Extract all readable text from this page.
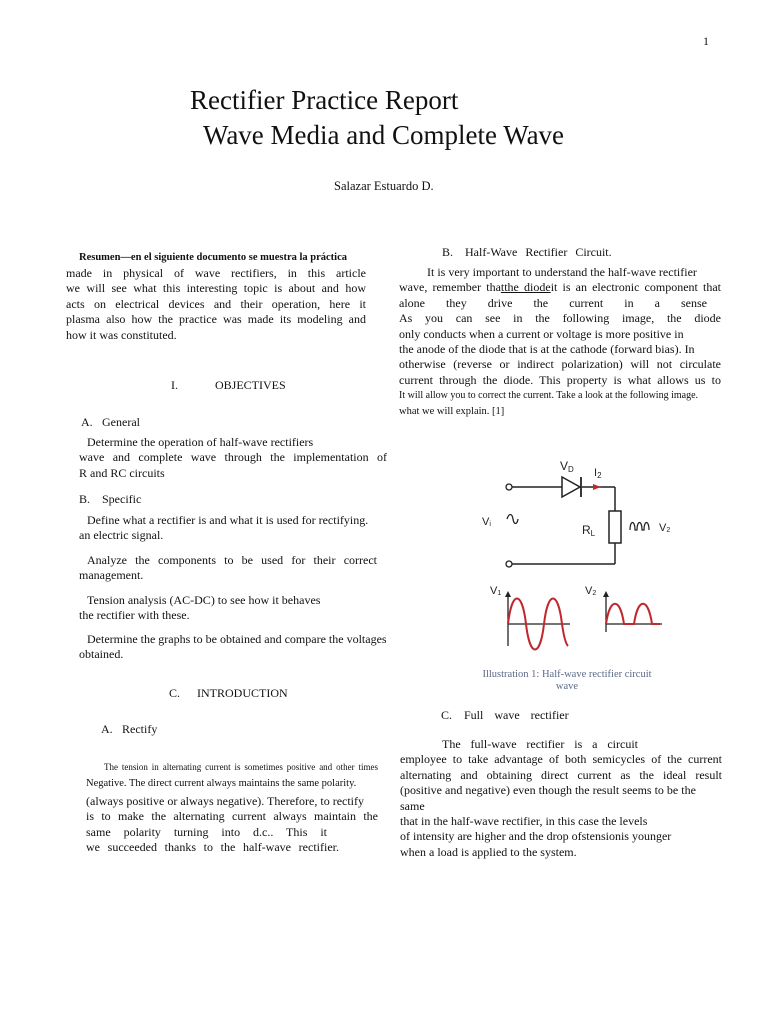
1
Rectifier Practice Report
Wave Media and Complete Wave
Salazar Estuardo D.

Resumen—en el siguiente documento se muestra la práctica

made in physical of wave rectifiers, in this article

we will see what this interesting topic is about and how

acts on electrical devices and their operation, here it

plasma also how the practice was made its modeling and

how it was constituted.

I.	OBJECTIVES
A. General

Determine the operation of half-wave rectifiers

wave and complete wave through the implementation of

R and RC circuits

B. Specific

Define what a rectifier is and what it is used for rectifying.

an electric signal.

Analyze the components to be used for their correct

management.

Tension analysis (AC-DC) to see how it behaves

the rectifier with these.

Determine the graphs to be obtained and compare the voltages

obtained.

C. INTRODUCTION
A. Rectify

The tension in alternating current is sometimes positive and other times

Negative. The direct current always maintains the same polarity.

(always positive or always negative). Therefore, to rectify

is to make the alternating current always maintain the

same polarity turning into d.c.. This it

we succeeded thanks to the half-wave rectifier.

B. Half-Wave Rectifier Circuit.

It is very important to understand the half-wave rectifier

wave, remember thatthe diodeit is an electronic component that

alone they drive the current in a sense

As you can see in the following image, the diode

only conducts when a current or voltage is more positive in

the anode of the diode that is at the cathode (forward bias). In

otherwise (reverse or indirect polarization) will not circulate

current through the diode. This property is what allows us to

It will allow you to correct the current. Take a look at the following image.

what we will explain. [1]

VD I2
Vi	RL	V2
V1	V2
Illustration 1: Half-wave rectifier circuit
wave
C. Full wave rectifier

The full-wave rectifier is a circuit

employee to take advantage of both semicycles of the current

alternating and obtaining direct current as the ideal result

(positive and negative) even though the result seems to be the same

that in the half-wave rectifier, in this case the levels

of intensity are higher and the drop ofstensionis younger

when a load is applied to the system.
